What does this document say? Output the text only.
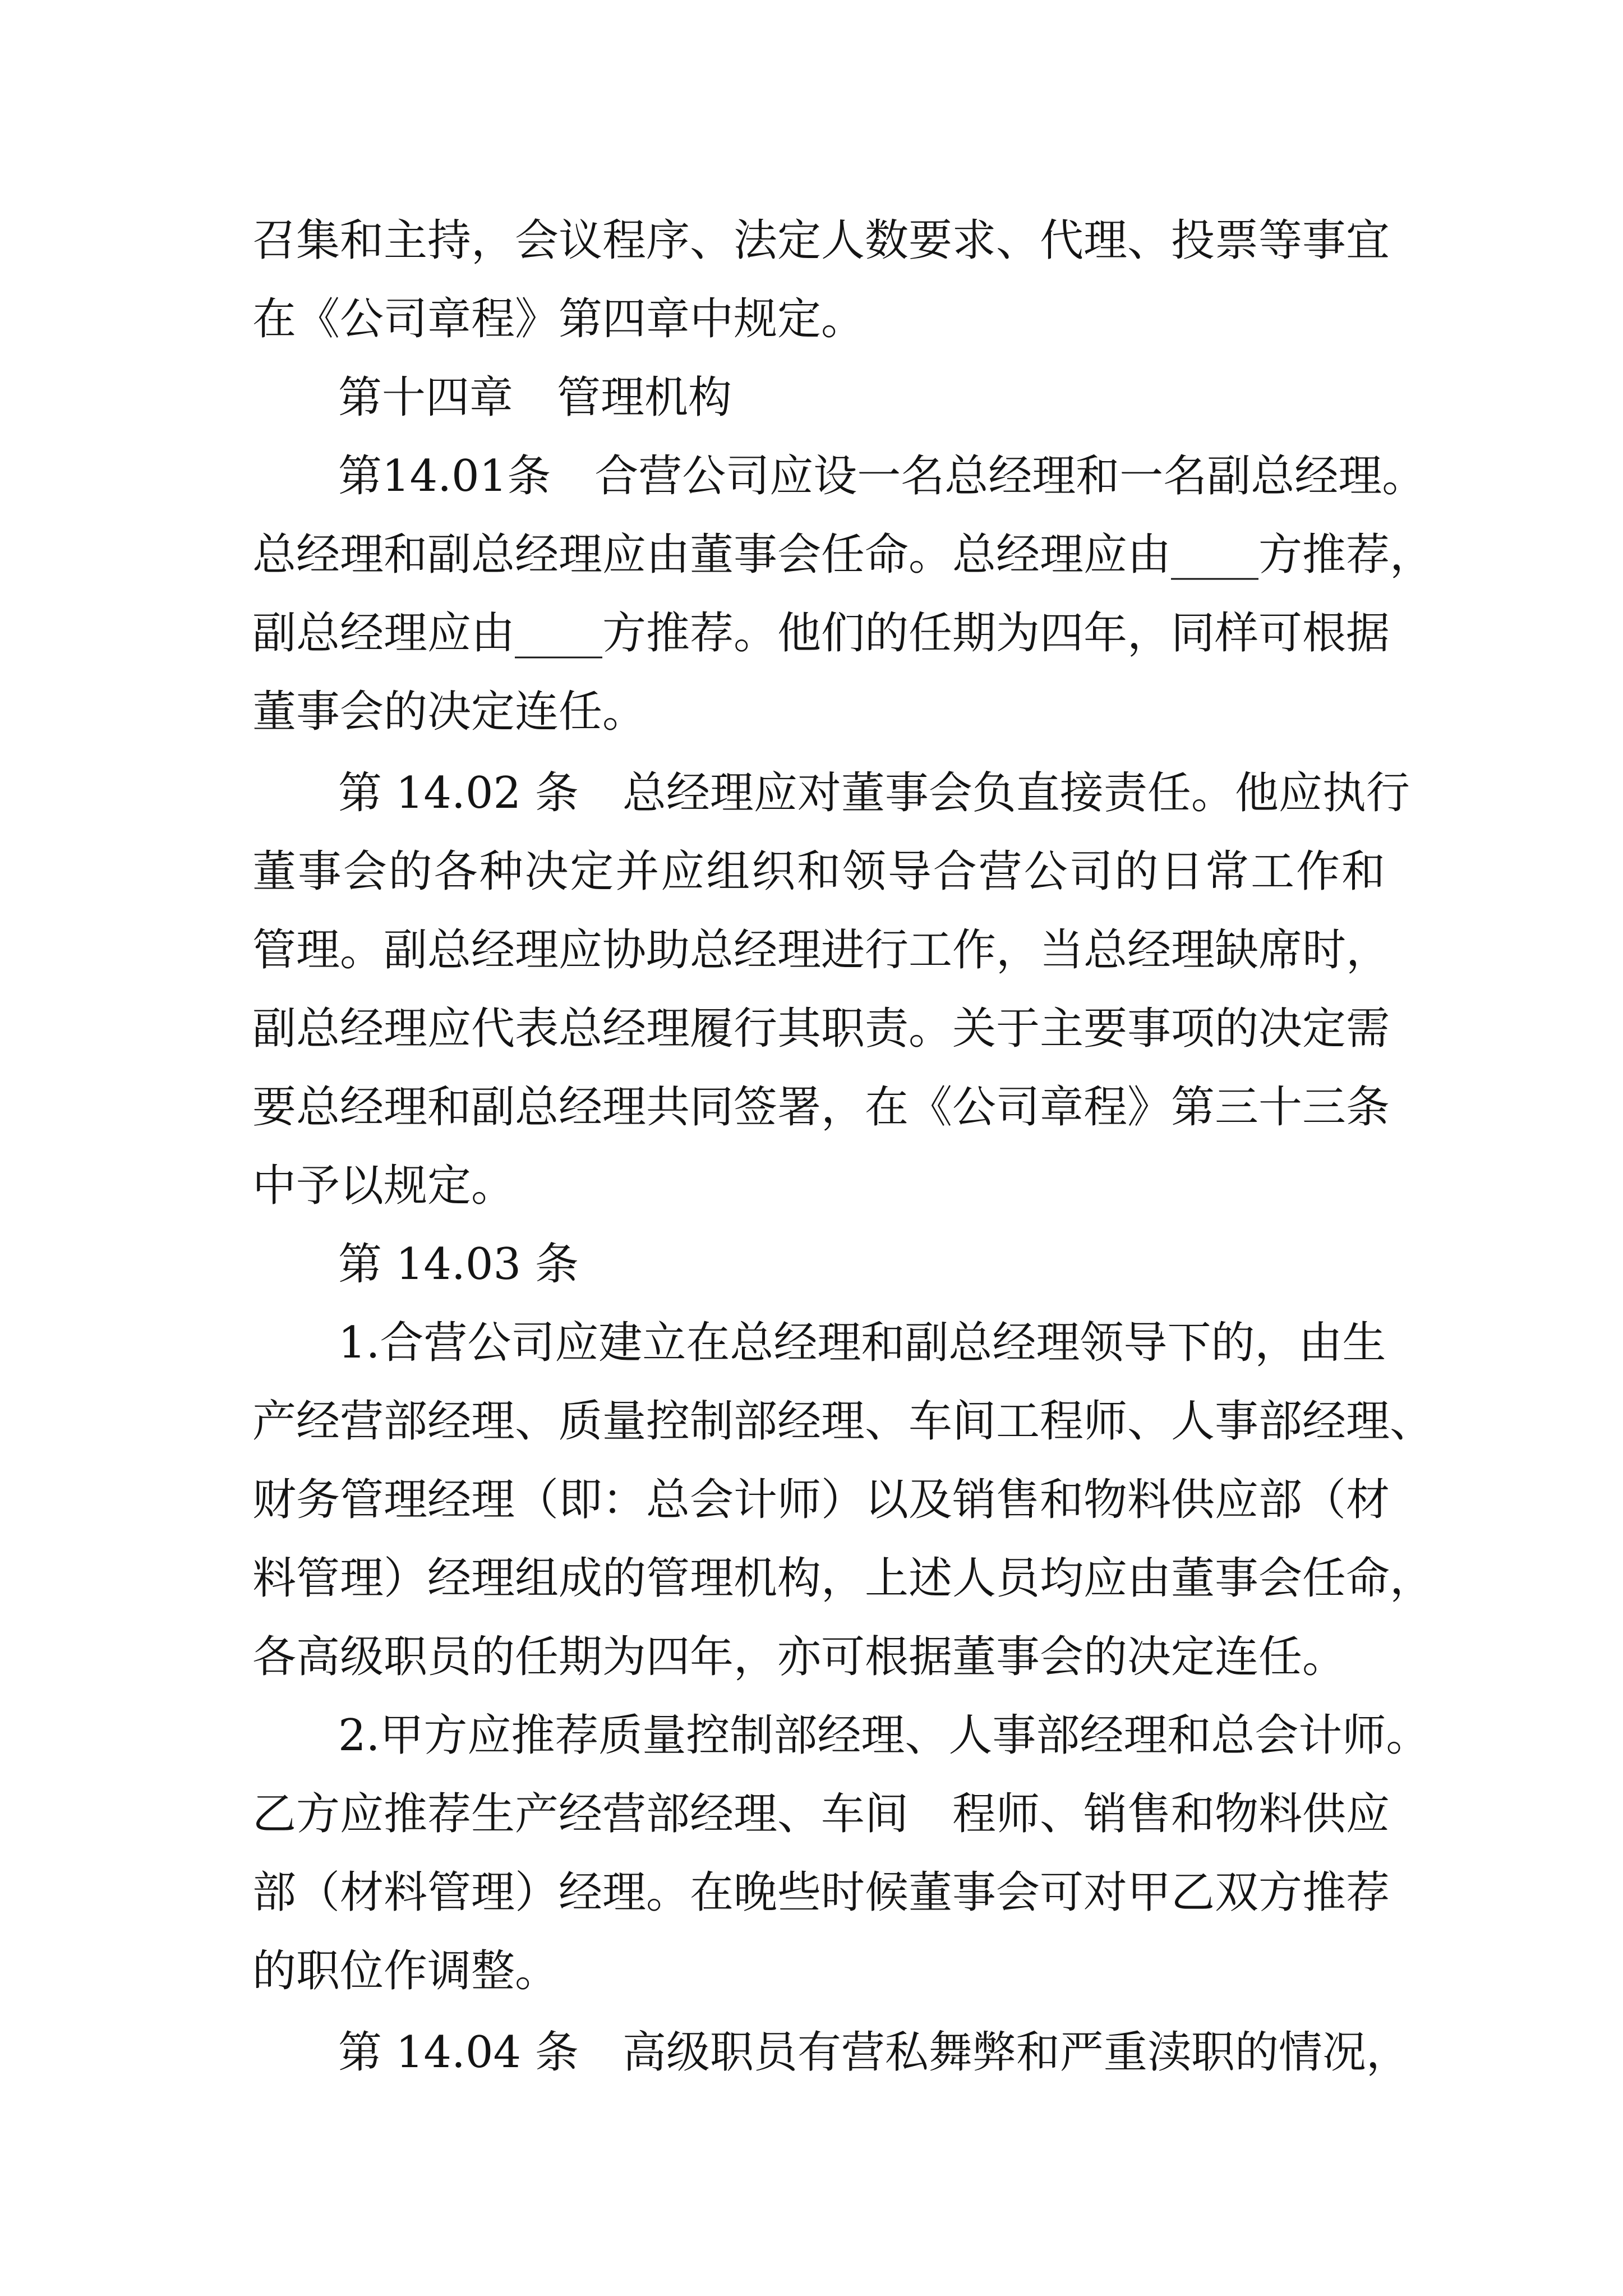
召集和主持，会议程序、法定人数要求、代理、投票等事宜
在《公司章程》第四章中规定。
第十四章　管理机构
第14.01条　合营公司应设一名总经理和一名副总经理。
总经理和副总经理应由董事会任命。总经理应由____方推荐，
副总经理应由____方推荐。他们的任期为四年，同样可根据
董事会的决定连任。
第 14.02 条　总经理应对董事会负直接责任。他应执行
董事会的各种决定并应组织和领导合营公司的日常工作和
管理。副总经理应协助总经理进行工作，当总经理缺席时，
副总经理应代表总经理履行其职责。关于主要事项的决定需
要总经理和副总经理共同签署，在《公司章程》第三十三条
中予以规定。
第 14.03 条
1.合营公司应建立在总经理和副总经理领导下的，由生
产经营部经理、质量控制部经理、车间工程师、人事部经理、
财务管理经理（即：总会计师）以及销售和物料供应部（材
料管理）经理组成的管理机构，上述人员均应由董事会任命，
各高级职员的任期为四年，亦可根据董事会的决定连任。
2.甲方应推荐质量控制部经理、人事部经理和总会计师。
乙方应推荐生产经营部经理、车间　程师、销售和物料供应
部（材料管理）经理。在晚些时候董事会可对甲乙双方推荐
的职位作调整。
第 14.04 条　高级职员有营私舞弊和严重渎职的情况，
